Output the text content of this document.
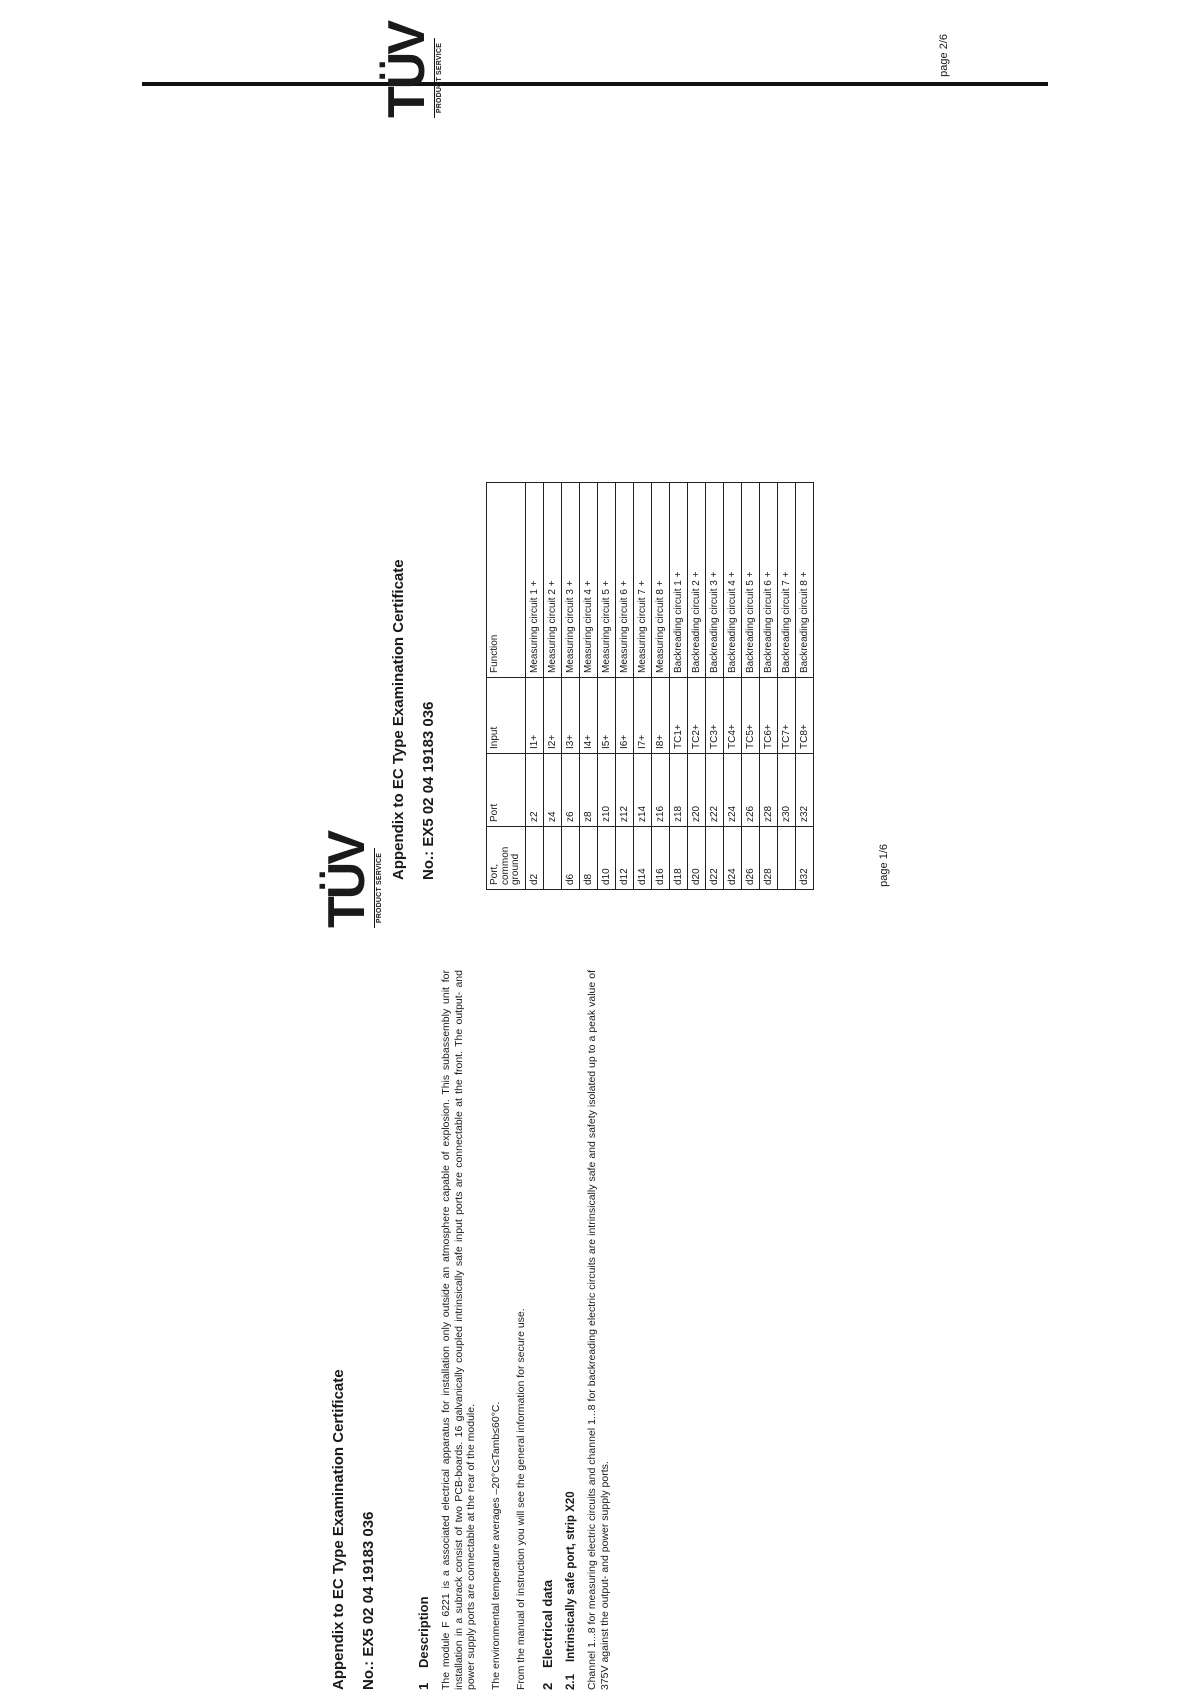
Appendix to EC Type Examination Certificate No.: EX5 02 04 19183 036
TÜV PRODUCT SERVICE
Port, common ground	Port	Input	Function
d2	z2	I1+	Measuring circuit 1 +
	z4	I2+	Measuring circuit 2 +
d6	z6	I3+	Measuring circuit 3 +
d8	z8	I4+	Measuring circuit 4 +
d10	z10	I5+	Measuring circuit 5 +
d12	z12	I6+	Measuring circuit 6 +
d14	z14	I7+	Measuring circuit 7 +
d16	z16	I8+	Measuring circuit 8 +
d18	z18	TC1+	Backreading circuit 1 +
d20	z20	TC2+	Backreading circuit 2 +
d22	z22	TC3+	Backreading circuit 3 +
d24	z24	TC4+	Backreading circuit 4 +
d26	z26	TC5+	Backreading circuit 5 +
d28	z28	TC6+	Backreading circuit 6 +
	z30	TC7+	Backreading circuit 7 +
d32	z32	TC8+	Backreading circuit 8 +
page 2/6
Appendix to EC Type Examination Certificate No.: EX5 02 04 19183 036
TÜV PRODUCT SERVICE
1Description The module F 6221 is a associated electrical apparatus for installation only outside an atmosphere capable of explosion. This subassembly unit for installation in a subrack consist of two PCB-boards. 16 galvanically coupled intrinsically safe input ports are connectable at the front. The output- and power supply ports are connectable at the rear of the module. The environmental temperature averages –20°C≤Tamb≤60°C. From the manual of instruction you will see the general information for secure use. 2Electrical data
2.1Intrinsically safe port, strip X20 Channel 1...8 for measuring electric circuits and channel 1...8 for backreading electric circuits are intrinsically safe and safety isolated up to a peak value of 375V against the output- and power supply ports.

page 1/6
